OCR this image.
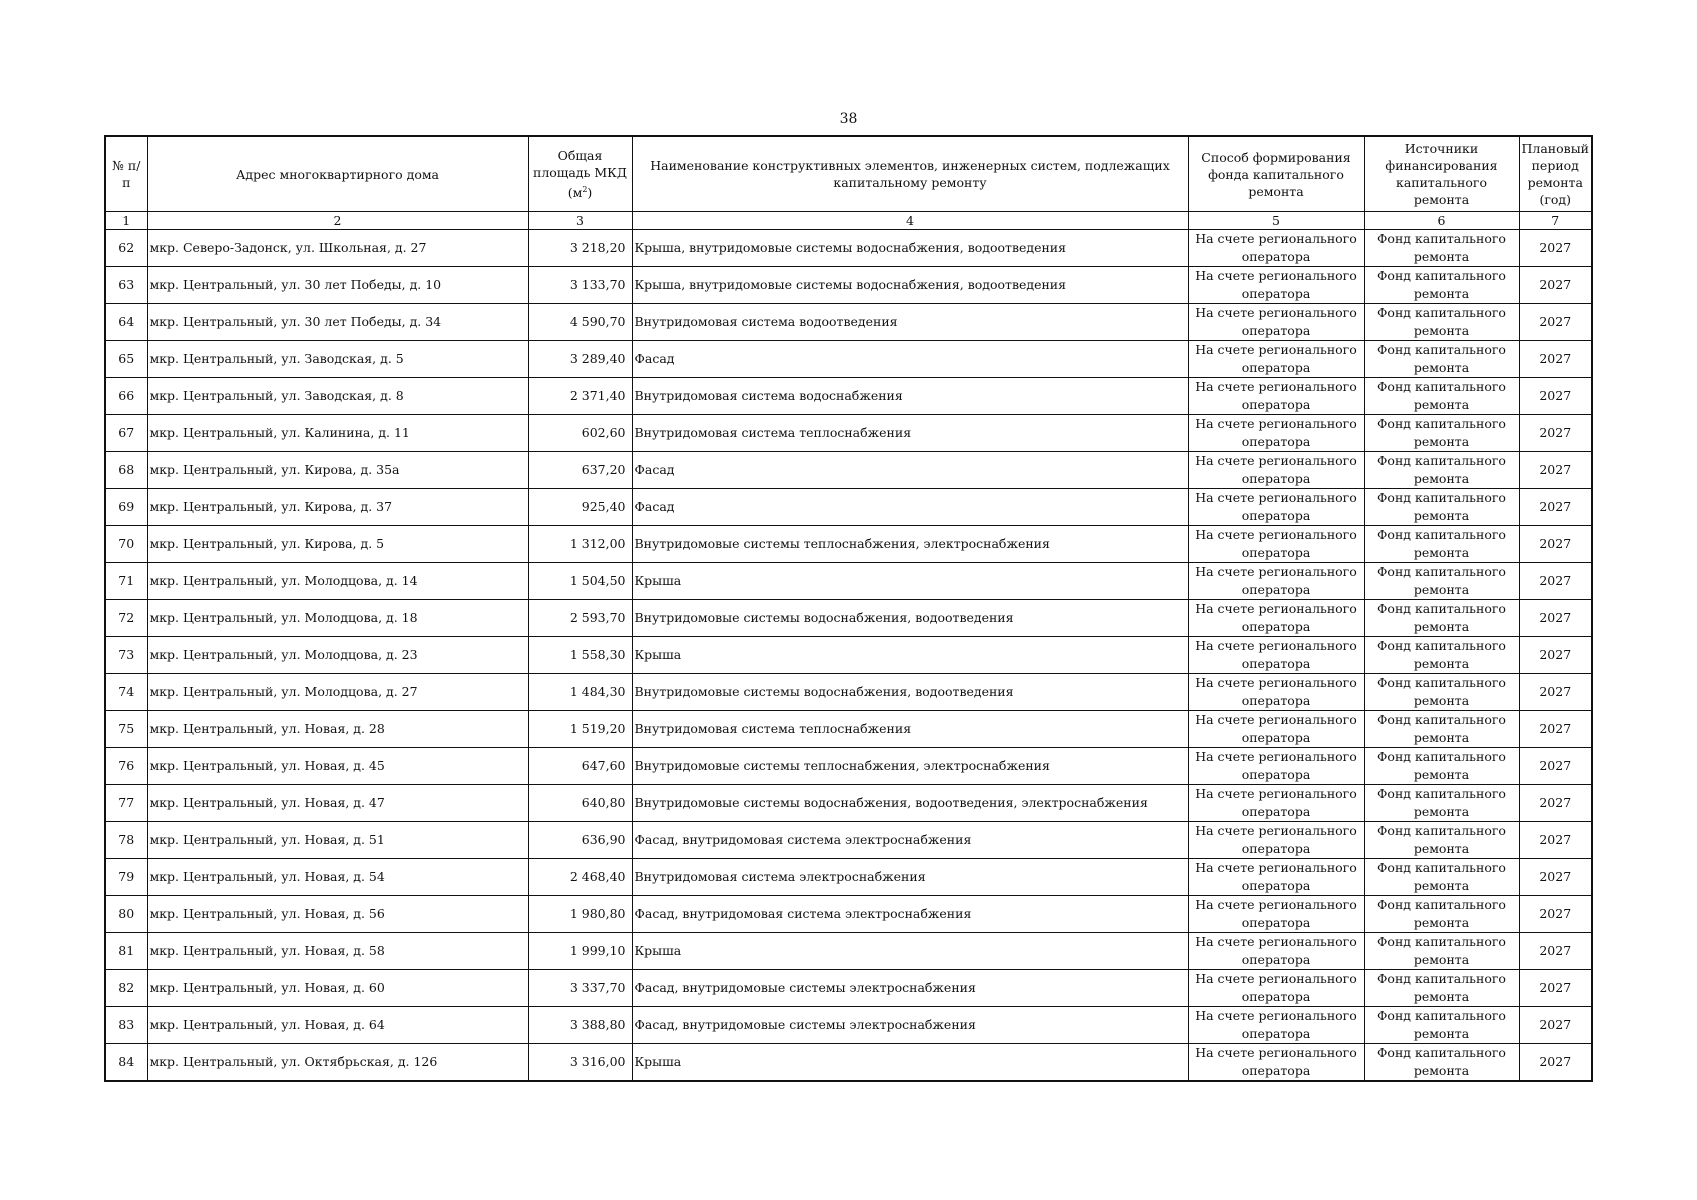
38
№ п/п	Адрес многоквартирного дома	Общая площадь МКД $(м^2)$	Наименование конструктивных элементов, инженерных систем, подлежащих капитальному ремонту	Способ формирования фонда капитального ремонта	Источники финансирования капитального ремонта	Плановый период ремонта (год)
1	2	3	4	5	6	7
62	мкр. Северо-Задонск, ул. Школьная, д. 27	3 218,20	Крыша, внутридомовые системы водоснабжения, водоотведения	На счете регионального оператора	Фонд капитального ремонта	2027
63	мкр. Центральный, ул. 30 лет Победы, д. 10	3 133,70	Крыша, внутридомовые системы водоснабжения, водоотведения	На счете регионального оператора	Фонд капитального ремонта	2027
64	мкр. Центральный, ул. 30 лет Победы, д. 34	4 590,70	Внутридомовая система водоотведения	На счете регионального оператора	Фонд капитального ремонта	2027
65	мкр. Центральный, ул. Заводская, д. 5	3 289,40	Фасад	На счете регионального оператора	Фонд капитального ремонта	2027
66	мкр. Центральный, ул. Заводская, д. 8	2 371,40	Внутридомовая система водоснабжения	На счете регионального оператора	Фонд капитального ремонта	2027
67	мкр. Центральный, ул. Калинина, д. 11	602,60	Внутридомовая система теплоснабжения	На счете регионального оператора	Фонд капитального ремонта	2027
68	мкр. Центральный, ул. Кирова, д. 35а	637,20	Фасад	На счете регионального оператора	Фонд капитального ремонта	2027
69	мкр. Центральный, ул. Кирова, д. 37	925,40	Фасад	На счете регионального оператора	Фонд капитального ремонта	2027
70	мкр. Центральный, ул. Кирова, д. 5	1 312,00	Внутридомовые системы теплоснабжения, электроснабжения	На счете регионального оператора	Фонд капитального ремонта	2027
71	мкр. Центральный, ул. Молодцова, д. 14	1 504,50	Крыша	На счете регионального оператора	Фонд капитального ремонта	2027
72	мкр. Центральный, ул. Молодцова, д. 18	2 593,70	Внутридомовые системы водоснабжения, водоотведения	На счете регионального оператора	Фонд капитального ремонта	2027
73	мкр. Центральный, ул. Молодцова, д. 23	1 558,30	Крыша	На счете регионального оператора	Фонд капитального ремонта	2027
74	мкр. Центральный, ул. Молодцова, д. 27	1 484,30	Внутридомовые системы водоснабжения, водоотведения	На счете регионального оператора	Фонд капитального ремонта	2027
75	мкр. Центральный, ул. Новая, д. 28	1 519,20	Внутридомовая система теплоснабжения	На счете регионального оператора	Фонд капитального ремонта	2027
76	мкр. Центральный, ул. Новая, д. 45	647,60	Внутридомовые системы теплоснабжения, электроснабжения	На счете регионального оператора	Фонд капитального ремонта	2027
77	мкр. Центральный, ул. Новая, д. 47	640,80	Внутридомовые системы водоснабжения, водоотведения, электроснабжения	На счете регионального оператора	Фонд капитального ремонта	2027
78	мкр. Центральный, ул. Новая, д. 51	636,90	Фасад, внутридомовая система электроснабжения	На счете регионального оператора	Фонд капитального ремонта	2027
79	мкр. Центральный, ул. Новая, д. 54	2 468,40	Внутридомовая система электроснабжения	На счете регионального оператора	Фонд капитального ремонта	2027
80	мкр. Центральный, ул. Новая, д. 56	1 980,80	Фасад, внутридомовая система электроснабжения	На счете регионального оператора	Фонд капитального ремонта	2027
81	мкр. Центральный, ул. Новая, д. 58	1 999,10	Крыша	На счете регионального оператора	Фонд капитального ремонта	2027
82	мкр. Центральный, ул. Новая, д. 60	3 337,70	Фасад, внутридомовые системы электроснабжения	На счете регионального оператора	Фонд капитального ремонта	2027
83	мкр. Центральный, ул. Новая, д. 64	3 388,80	Фасад, внутридомовые системы электроснабжения	На счете регионального оператора	Фонд капитального ремонта	2027
84	мкр. Центральный, ул. Октябрьская, д. 126	3 316,00	Крыша	На счете регионального оператора	Фонд капитального ремонта	2027
